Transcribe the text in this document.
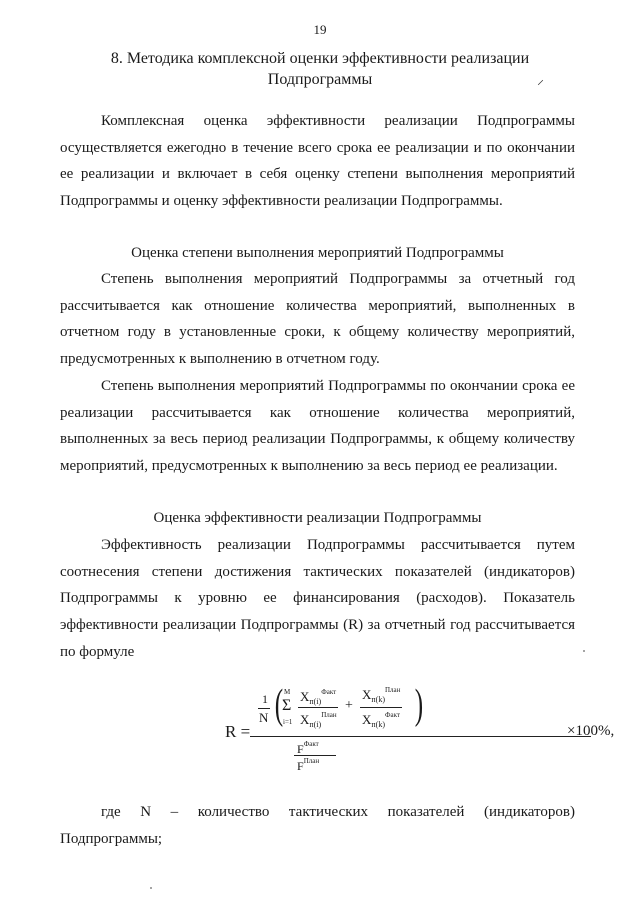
19
8. Методика комплексной оценки эффективности реализации Подпрограммы	⸝

Комплексная оценка эффективности реализации Подпрограммы осуществляется ежегодно в течение всего срока ее реализации и по окончании ее реализации и включает в себя оценку степени выполнения мероприятий Подпрограммы и оценку эффективности реализации Подпрограммы.

Оценка степени выполнения мероприятий Подпрограммы

Степень выполнения мероприятий Подпрограммы за отчетный год рассчитывается как отношение количества мероприятий, выполненных в отчетном году в установленные сроки, к общему количеству мероприятий, предусмотренных к выполнению в отчетном году.

Степень выполнения мероприятий Подпрограммы по окончании срока ее реализации рассчитывается как отношение количества мероприятий, выполненных за весь период реализации Подпрограммы, к общему количеству мероприятий, предусмотренных к выполнению за весь период ее реализации.

Оценка эффективности реализации Подпрограммы

Эффективность реализации Подпрограммы рассчитывается путем соотнесения степени достижения тактических показателей (индикаторов) Подпрограммы к уровню ее финансирования (расходов). Показатель эффективности реализации Подпрограммы (R) за отчетный год рассчитывается по формуле

R =	×100%,
1
N (
Σ
M
i=1
$X_{п(i)}^{Факт}$
$X_{п(i)}^{План}$
+
$X_{п(k)}^{План}$
$X_{п(k)}^{Факт}$ )
$F^{Факт}$
$F^{План}$

где N – количество тактических показателей (индикаторов) Подпрограммы;
